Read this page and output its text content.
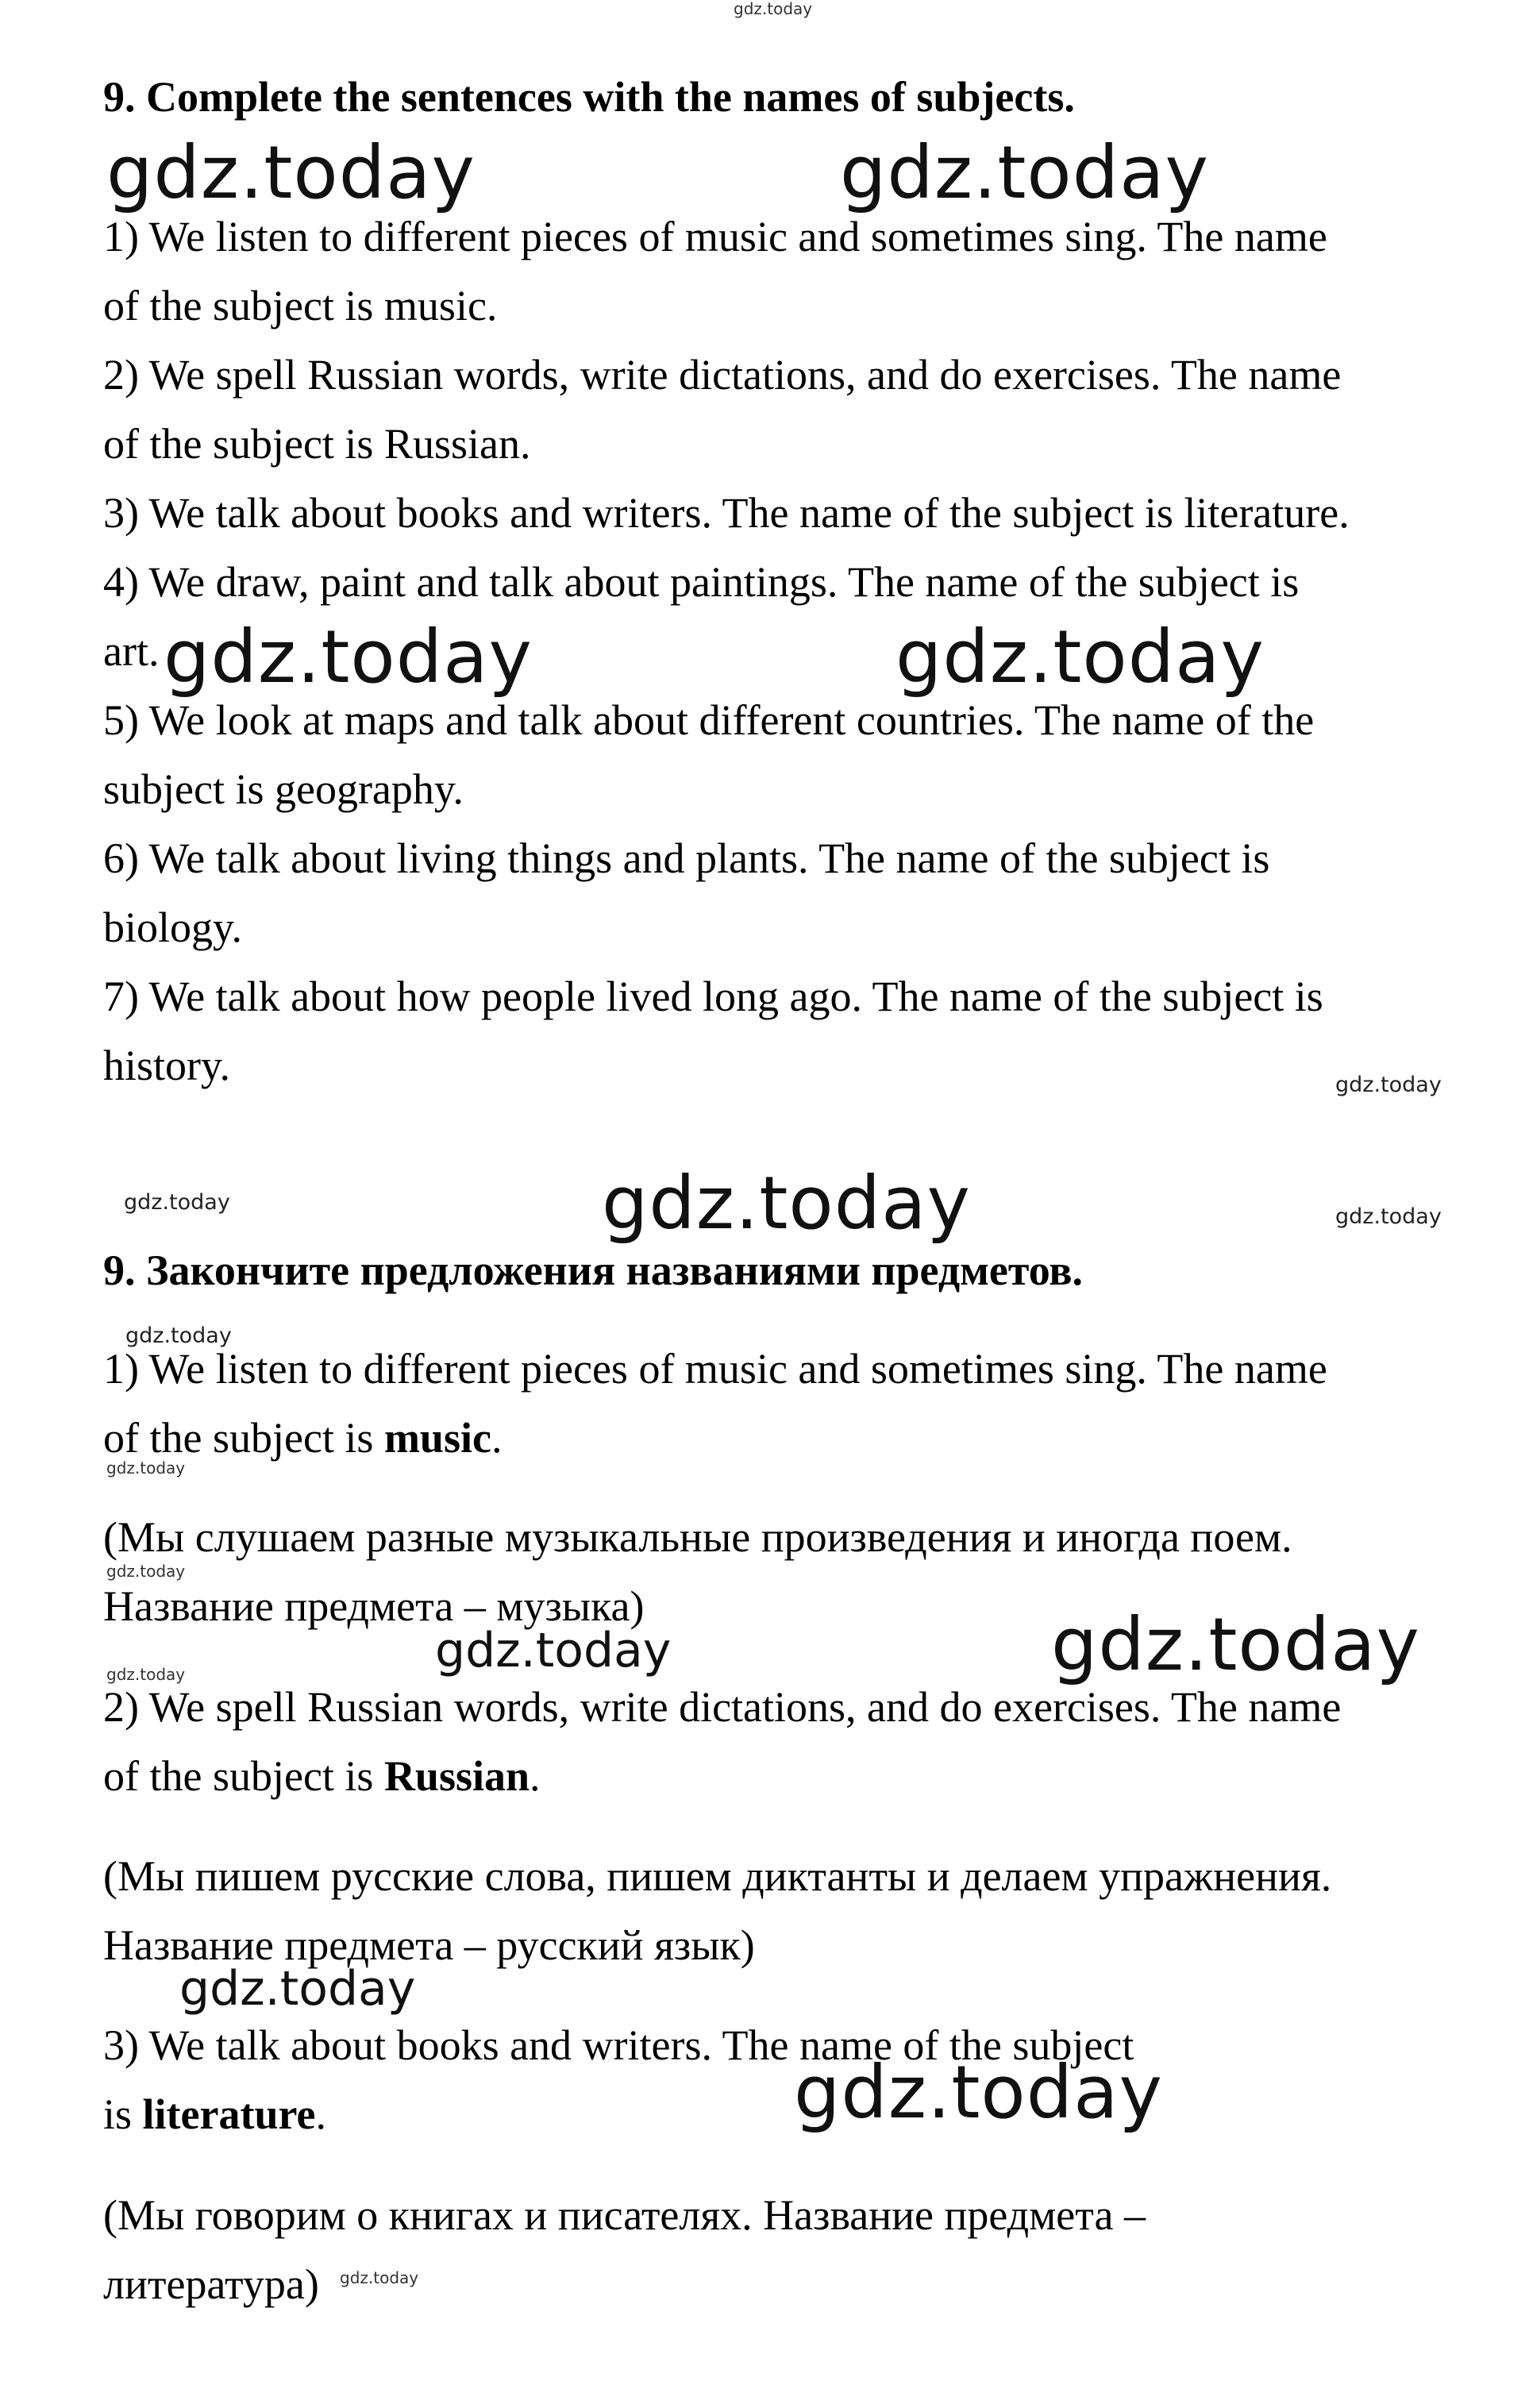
gdz.today
9. Complete the sentences with the names of subjects.
gdz.today	gdz.today
1) We listen to different pieces of music and sometimes sing. The name
of the subject is music.
2) We spell Russian words, write dictations, and do exercises. The name
of the subject is Russian.
3) We talk about books and writers. The name of the subject is literature.
4) We draw, paint and talk about paintings. The name of the subject is
art. gdz.today	gdz.today
5) We look at maps and talk about different countries. The name of the
subject is geography.
6) We talk about living things and plants. The name of the subject is
biology.
7) We talk about how people lived long ago. The name of the subject is
history.	gdz.today
gdz.today	gdz.today	gdz.today
9. Закончите предложения названиями предметов.
gdz.today
1) We listen to different pieces of music and sometimes sing. The name
of the subject is music.
gdz.today
(Мы слушаем разные музыкальные произведения и иногда поем.
gdz.today
Название предмета – музыка)
gdz.today	gdz.today
gdz.today
2) We spell Russian words, write dictations, and do exercises. The name
of the subject is Russian.
(Мы пишем русские слова, пишем диктанты и делаем упражнения.
Название предмета – русский язык)
gdz.today
3) We talk about books and writers. The name of the subject
gdz.today
is literature.
(Мы говорим о книгах и писателях. Название предмета –
литература) gdz.today
